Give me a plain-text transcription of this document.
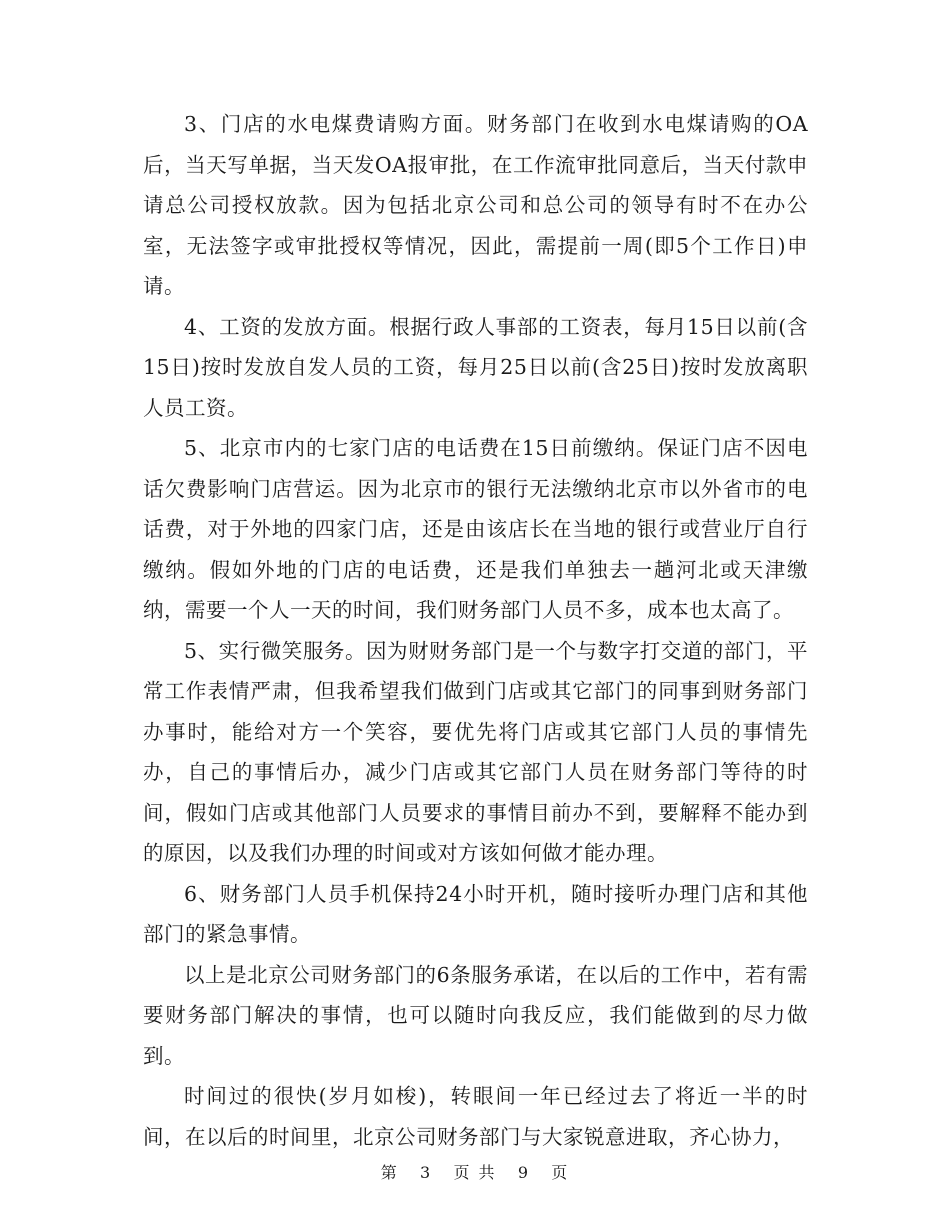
3、门店的水电煤费请购方面。财务部门在收到水电煤请购的OA后，当天写单据，当天发OA报审批，在工作流审批同意后，当天付款申请总公司授权放款。因为包括北京公司和总公司的领导有时不在办公室，无法签字或审批授权等情况，因此，需提前一周(即5个工作日)申请。

4、工资的发放方面。根据行政人事部的工资表，每月15日以前(含15日)按时发放自发人员的工资，每月25日以前(含25日)按时发放离职人员工资。

5、北京市内的七家门店的电话费在15日前缴纳。保证门店不因电话欠费影响门店营运。因为北京市的银行无法缴纳北京市以外省市的电话费，对于外地的四家门店，还是由该店长在当地的银行或营业厅自行缴纳。假如外地的门店的电话费，还是我们单独去一趟河北或天津缴纳，需要一个人一天的时间，我们财务部门人员不多，成本也太高了。

5、实行微笑服务。因为财财务部门是一个与数字打交道的部门，平常工作表情严肃，但我希望我们做到门店或其它部门的同事到财务部门办事时，能给对方一个笑容，要优先将门店或其它部门人员的事情先办，自己的事情后办，减少门店或其它部门人员在财务部门等待的时间，假如门店或其他部门人员要求的事情目前办不到，要解释不能办到的原因，以及我们办理的时间或对方该如何做才能办理。

6、财务部门人员手机保持24小时开机，随时接听办理门店和其他部门的紧急事情。

以上是北京公司财务部门的6条服务承诺，在以后的工作中，若有需要财务部门解决的事情，也可以随时向我反应，我们能做到的尽力做到。

时间过的很快(岁月如梭)，转眼间一年已经过去了将近一半的时间，在以后的时间里，北京公司财务部门与大家锐意进取，齐心协力，

第 3 页 共 9 页
